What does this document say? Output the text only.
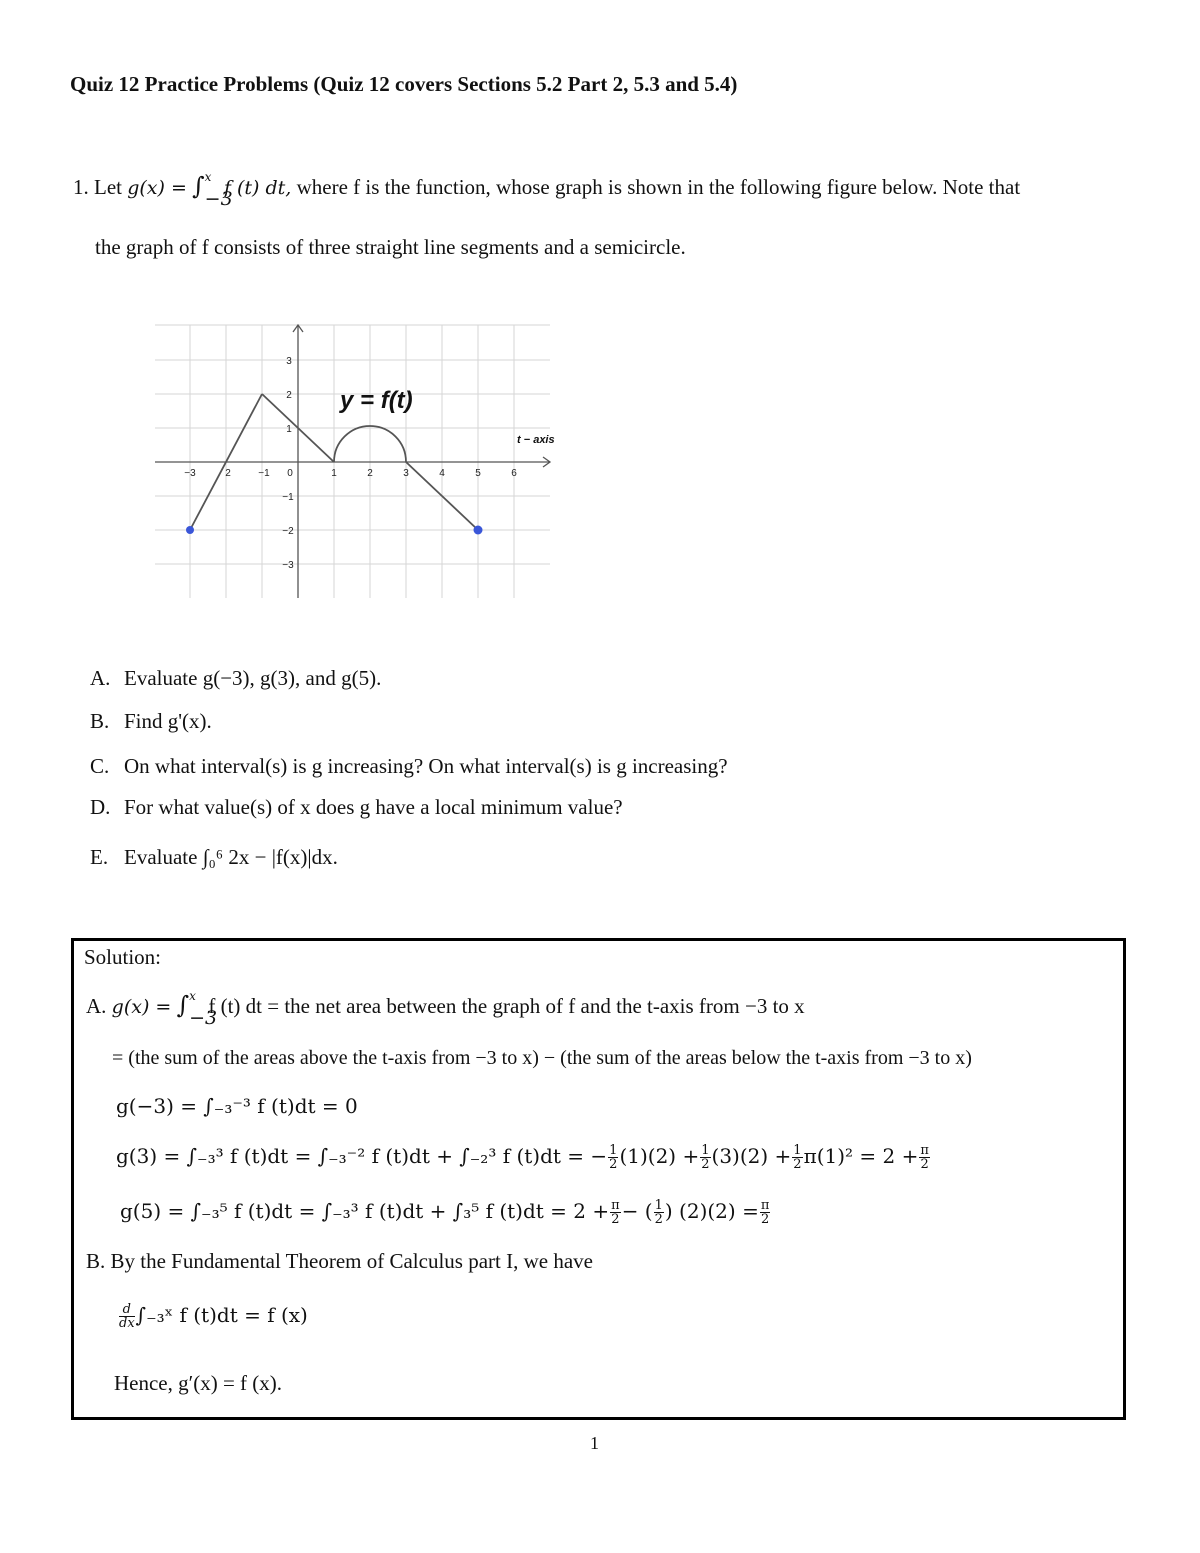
Quiz 12 Practice Problems (Quiz 12 covers Sections 5.2 Part 2, 5.3 and 5.4)
1. Let g(x) = ∫ x
−3
f (t) dt, where f is the function, whose graph is shown in the following figure below. Note that
the graph of f consists of three straight line segments and a semicircle.
−3	2	−1 0	1	2	3	4	5	6
3
2
1
−1
−2
−3
y = f(t)
t − axis
A. Evaluate g(−3), g(3), and g(5).
B. Find g'(x).
C. On what interval(s) is g increasing? On what interval(s) is g increasing?
D. For what value(s) of x does g have a local minimum value?
E. Evaluate ∫₀⁶ 2x − |f(x)|dx.
Solution:
A. g(x) = ∫ x
−3
f (t) dt = the net area between the graph of f and the t-axis from −3 to x
= (the sum of the areas above the t-axis from −3 to x) − (the sum of the areas below the t-axis from −3 to x)
g(−3) = ∫₋₃⁻³ f (t)dt = 0
g(3) = ∫₋₃³ f (t)dt = ∫₋₃⁻² f (t)dt + ∫₋₂³ f (t)dt = − $\frac{1}{2} (1)(2) + \frac{1}{2} (3)(2) + \frac{1}{2} \pi(1)^2 = 2 + \frac{\pi}{2}$
g(5) = ∫₋₃⁵ f (t)dt = ∫₋₃³ f (t)dt + ∫₃⁵ f $(t)dt = 2 + \frac{\pi}{2}$ − ( $\frac{1}{2}$ ) $(2)(2) = \frac{\pi}{2}$
B. By the Fundamental Theorem of Calculus part I, we have
$\frac{d}{dx}$ ∫₋₃ˣ f (t)dt = f (x)
Hence, g′(x) = f (x).
1
